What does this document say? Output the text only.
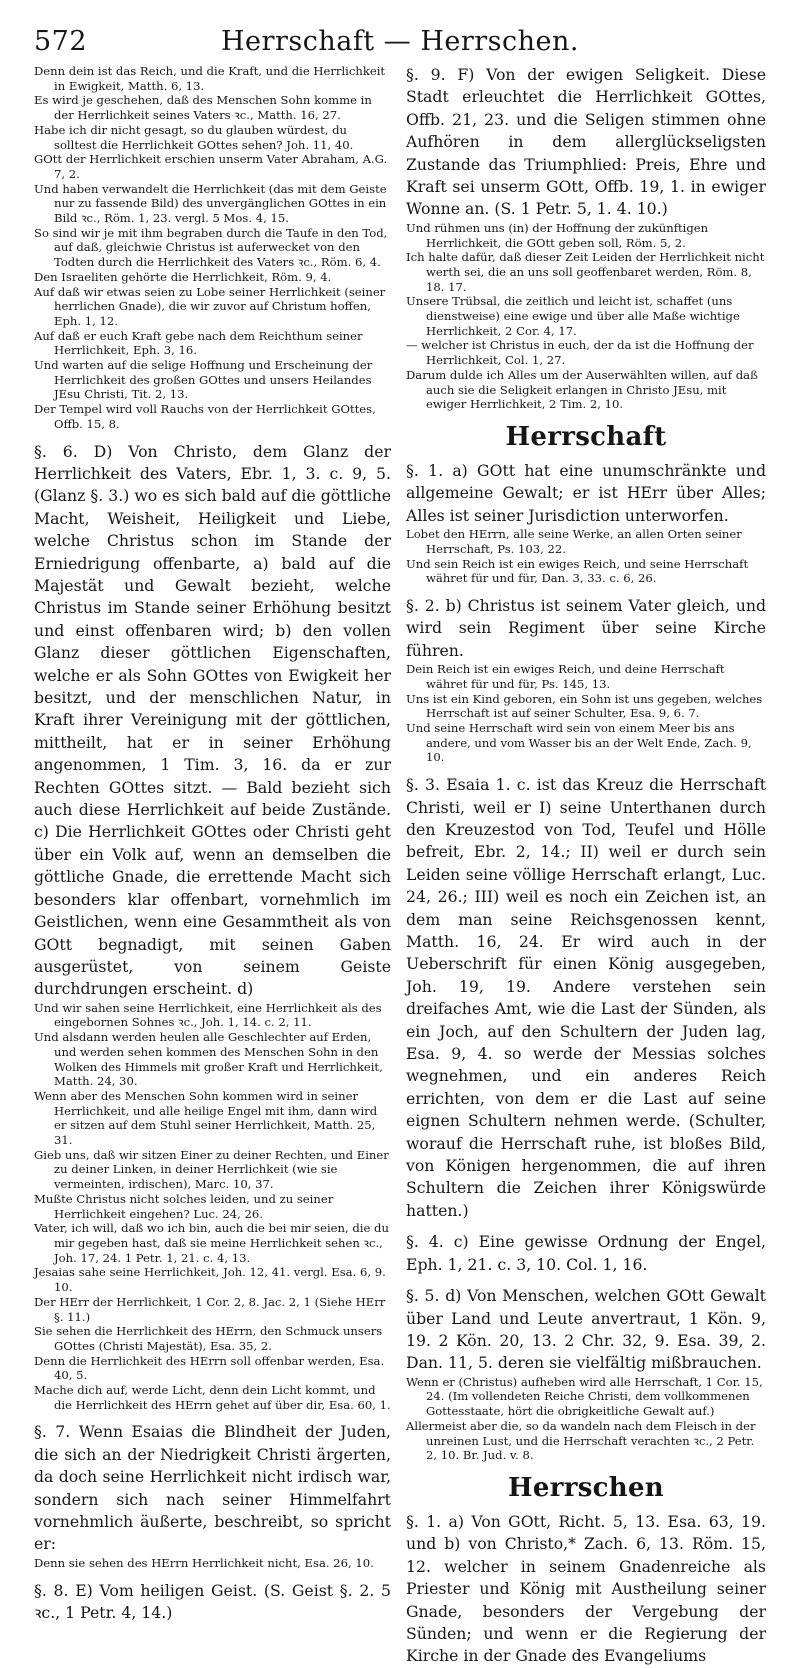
572	Herrschaft — Herrschen.

Denn dein ist das Reich, und die Kraft, und die Herrlichkeit in Ewigkeit, Matth. 6, 13.

Es wird je geschehen, daß des Menschen Sohn komme in der Herrlichkeit seines Vaters ꝛc., Matth. 16, 27.

Habe ich dir nicht gesagt, so du glauben würdest, du solltest die Herrlichkeit GOttes sehen? Joh. 11, 40.

GOtt der Herrlichkeit erschien unserm Vater Abraham, A.G. 7, 2.

Und haben verwandelt die Herrlichkeit (das mit dem Geiste nur zu fassende Bild) des unvergänglichen GOttes in ein Bild ꝛc., Röm. 1, 23. vergl. 5 Mos. 4, 15.

So sind wir je mit ihm begraben durch die Taufe in den Tod, auf daß, gleichwie Christus ist auferwecket von den Todten durch die Herrlichkeit des Vaters ꝛc., Röm. 6, 4.

Den Israeliten gehörte die Herrlichkeit, Röm. 9, 4.

Auf daß wir etwas seien zu Lobe seiner Herrlichkeit (seiner herrlichen Gnade), die wir zuvor auf Christum hoffen, Eph. 1, 12.

Auf daß er euch Kraft gebe nach dem Reichthum seiner Herrlichkeit, Eph. 3, 16.

Und warten auf die selige Hoffnung und Erscheinung der Herrlichkeit des großen GOttes und unsers Heilandes JEsu Christi, Tit. 2, 13.

Der Tempel wird voll Rauchs von der Herrlichkeit GOttes, Offb. 15, 8.

§. 6. D) Von Christo, dem Glanz der Herrlichkeit des Vaters, Ebr. 1, 3. c. 9, 5. (Glanz §. 3.) wo es sich bald auf die göttliche Macht, Weisheit, Heiligkeit und Liebe, welche Christus schon im Stande der Erniedrigung offenbarte, a) bald auf die Majestät und Gewalt bezieht, welche Christus im Stande seiner Erhöhung besitzt und einst offenbaren wird; b) den vollen Glanz dieser göttlichen Eigenschaften, welche er als Sohn GOttes von Ewigkeit her besitzt, und der menschlichen Natur, in Kraft ihrer Vereinigung mit der göttlichen, mittheilt, hat er in seiner Erhöhung angenommen, 1 Tim. 3, 16. da er zur Rechten GOttes sitzt. — Bald bezieht sich auch diese Herrlichkeit auf beide Zustände. c) Die Herrlichkeit GOttes oder Christi geht über ein Volk auf, wenn an demselben die göttliche Gnade, die errettende Macht sich besonders klar offenbart, vornehmlich im Geistlichen, wenn eine Gesammtheit als von GOtt begnadigt, mit seinen Gaben ausgerüstet, von seinem Geiste durchdrungen erscheint. d)

Und wir sahen seine Herrlichkeit, eine Herrlichkeit als des eingebornen Sohnes ꝛc., Joh. 1, 14. c. 2, 11.

Und alsdann werden heulen alle Geschlechter auf Erden, und werden sehen kommen des Menschen Sohn in den Wolken des Himmels mit großer Kraft und Herrlichkeit, Matth. 24, 30.

Wenn aber des Menschen Sohn kommen wird in seiner Herrlichkeit, und alle heilige Engel mit ihm, dann wird er sitzen auf dem Stuhl seiner Herrlichkeit, Matth. 25, 31.

Gieb uns, daß wir sitzen Einer zu deiner Rechten, und Einer zu deiner Linken, in deiner Herrlichkeit (wie sie vermeinten, irdischen), Marc. 10, 37.

Mußte Christus nicht solches leiden, und zu seiner Herrlichkeit eingehen? Luc. 24, 26.

Vater, ich will, daß wo ich bin, auch die bei mir seien, die du mir gegeben hast, daß sie meine Herrlichkeit sehen ꝛc., Joh. 17, 24. 1 Petr. 1, 21. c. 4, 13.

Jesaias sahe seine Herrlichkeit, Joh. 12, 41. vergl. Esa. 6, 9. 10.

Der HErr der Herrlichkeit, 1 Cor. 2, 8. Jac. 2, 1 (Siehe HErr §. 11.)

Sie sehen die Herrlichkeit des HErrn, den Schmuck unsers GOttes (Christi Majestät), Esa. 35, 2.

Denn die Herrlichkeit des HErrn soll offenbar werden, Esa. 40, 5.

Mache dich auf, werde Licht, denn dein Licht kommt, und die Herrlichkeit des HErrn gehet auf über dir, Esa. 60, 1.

§. 7. Wenn Esaias die Blindheit der Juden, die sich an der Niedrigkeit Christi ärgerten, da doch seine Herrlichkeit nicht irdisch war, sondern sich nach seiner Himmelfahrt vornehmlich äußerte, beschreibt, so spricht er:

Denn sie sehen des HErrn Herrlichkeit nicht, Esa. 26, 10.

§. 8. E) Vom heiligen Geist. (S. Geist §. 2. 5 ꝛc., 1 Petr. 4, 14.)

§. 9. F) Von der ewigen Seligkeit. Diese Stadt erleuchtet die Herrlichkeit GOttes, Offb. 21, 23. und die Seligen stimmen ohne Aufhören in dem allerglückseligsten Zustande das Triumphlied: Preis, Ehre und Kraft sei unserm GOtt, Offb. 19, 1. in ewiger Wonne an. (S. 1 Petr. 5, 1. 4. 10.)

Und rühmen uns (in) der Hoffnung der zukünftigen Herrlichkeit, die GOtt geben soll, Röm. 5, 2.

Ich halte dafür, daß dieser Zeit Leiden der Herrlichkeit nicht werth sei, die an uns soll geoffenbaret werden, Röm. 8, 18. 17.

Unsere Trübsal, die zeitlich und leicht ist, schaffet (uns dienstweise) eine ewige und über alle Maße wichtige Herrlichkeit, 2 Cor. 4, 17.

— welcher ist Christus in euch, der da ist die Hoffnung der Herrlichkeit, Col. 1, 27.

Darum dulde ich Alles um der Auserwählten willen, auf daß auch sie die Seligkeit erlangen in Christo JEsu, mit ewiger Herrlichkeit, 2 Tim. 2, 10.

Herrschaft

§. 1. a) GOtt hat eine unumschränkte und allgemeine Gewalt; er ist HErr über Alles; Alles ist seiner Jurisdiction unterworfen.

Lobet den HErrn, alle seine Werke, an allen Orten seiner Herrschaft, Ps. 103, 22.

Und sein Reich ist ein ewiges Reich, und seine Herrschaft währet für und für, Dan. 3, 33. c. 6, 26.

§. 2. b) Christus ist seinem Vater gleich, und wird sein Regiment über seine Kirche führen.

Dein Reich ist ein ewiges Reich, und deine Herrschaft währet für und für, Ps. 145, 13.

Uns ist ein Kind geboren, ein Sohn ist uns gegeben, welches Herrschaft ist auf seiner Schulter, Esa. 9, 6. 7.

Und seine Herrschaft wird sein von einem Meer bis ans andere, und vom Wasser bis an der Welt Ende, Zach. 9, 10.

§. 3. Esaia 1. c. ist das Kreuz die Herrschaft Christi, weil er I) seine Unterthanen durch den Kreuzestod von Tod, Teufel und Hölle befreit, Ebr. 2, 14.; II) weil er durch sein Leiden seine völlige Herrschaft erlangt, Luc. 24, 26.; III) weil es noch ein Zeichen ist, an dem man seine Reichsgenossen kennt, Matth. 16, 24. Er wird auch in der Ueberschrift für einen König ausgegeben, Joh. 19, 19. Andere verstehen sein dreifaches Amt, wie die Last der Sünden, als ein Joch, auf den Schultern der Juden lag, Esa. 9, 4. so werde der Messias solches wegnehmen, und ein anderes Reich errichten, von dem er die Last auf seine eignen Schultern nehmen werde. (Schulter, worauf die Herrschaft ruhe, ist bloßes Bild, von Königen hergenommen, die auf ihren Schultern die Zeichen ihrer Königswürde hatten.)

§. 4. c) Eine gewisse Ordnung der Engel, Eph. 1, 21. c. 3, 10. Col. 1, 16.

§. 5. d) Von Menschen, welchen GOtt Gewalt über Land und Leute anvertraut, 1 Kön. 9, 19. 2 Kön. 20, 13. 2 Chr. 32, 9. Esa. 39, 2. Dan. 11, 5. deren sie vielfältig mißbrauchen.

Wenn er (Christus) aufheben wird alle Herrschaft, 1 Cor. 15, 24. (Im vollendeten Reiche Christi, dem vollkommenen Gottesstaate, hört die obrigkeitliche Gewalt auf.)

Allermeist aber die, so da wandeln nach dem Fleisch in der unreinen Lust, und die Herrschaft verachten ꝛc., 2 Petr. 2, 10. Br. Jud. v. 8.

Herrschen

§. 1. a) Von GOtt, Richt. 5, 13. Esa. 63, 19. und b) von Christo,* Zach. 6, 13. Röm. 15, 12. welcher in seinem Gnadenreiche als Priester und König mit Austheilung seiner Gnade, besonders der Vergebung der Sünden; und wenn er die Regierung der Kirche in der Gnade des Evangeliums
